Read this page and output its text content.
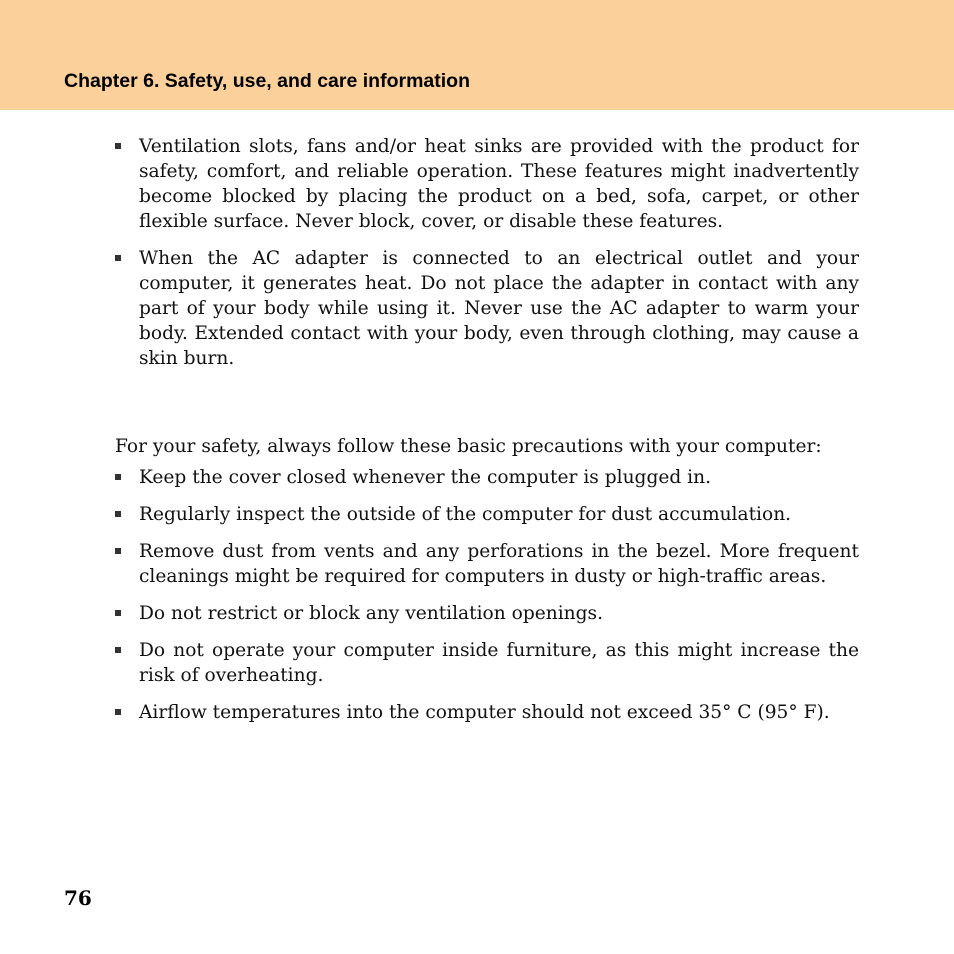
Chapter 6. Safety, use, and care information
Ventilation slots, fans and/or heat sinks are provided with the product for safety, comfort, and reliable operation. These features might inadvertently become blocked by placing the product on a bed, sofa, carpet, or other flexible surface. Never block, cover, or disable these features.
When the AC adapter is connected to an electrical outlet and your computer, it generates heat. Do not place the adapter in contact with any part of your body while using it. Never use the AC adapter to warm your body. Extended contact with your body, even through clothing, may cause a skin burn.

For your safety, always follow these basic precautions with your computer:

Keep the cover closed whenever the computer is plugged in.
Regularly inspect the outside of the computer for dust accumulation.
Remove dust from vents and any perforations in the bezel. More frequent cleanings might be required for computers in dusty or high-traffic areas.
Do not restrict or block any ventilation openings.
Do not operate your computer inside furniture, as this might increase the risk of overheating.
Airflow temperatures into the computer should not exceed 35° C (95° F).

76
